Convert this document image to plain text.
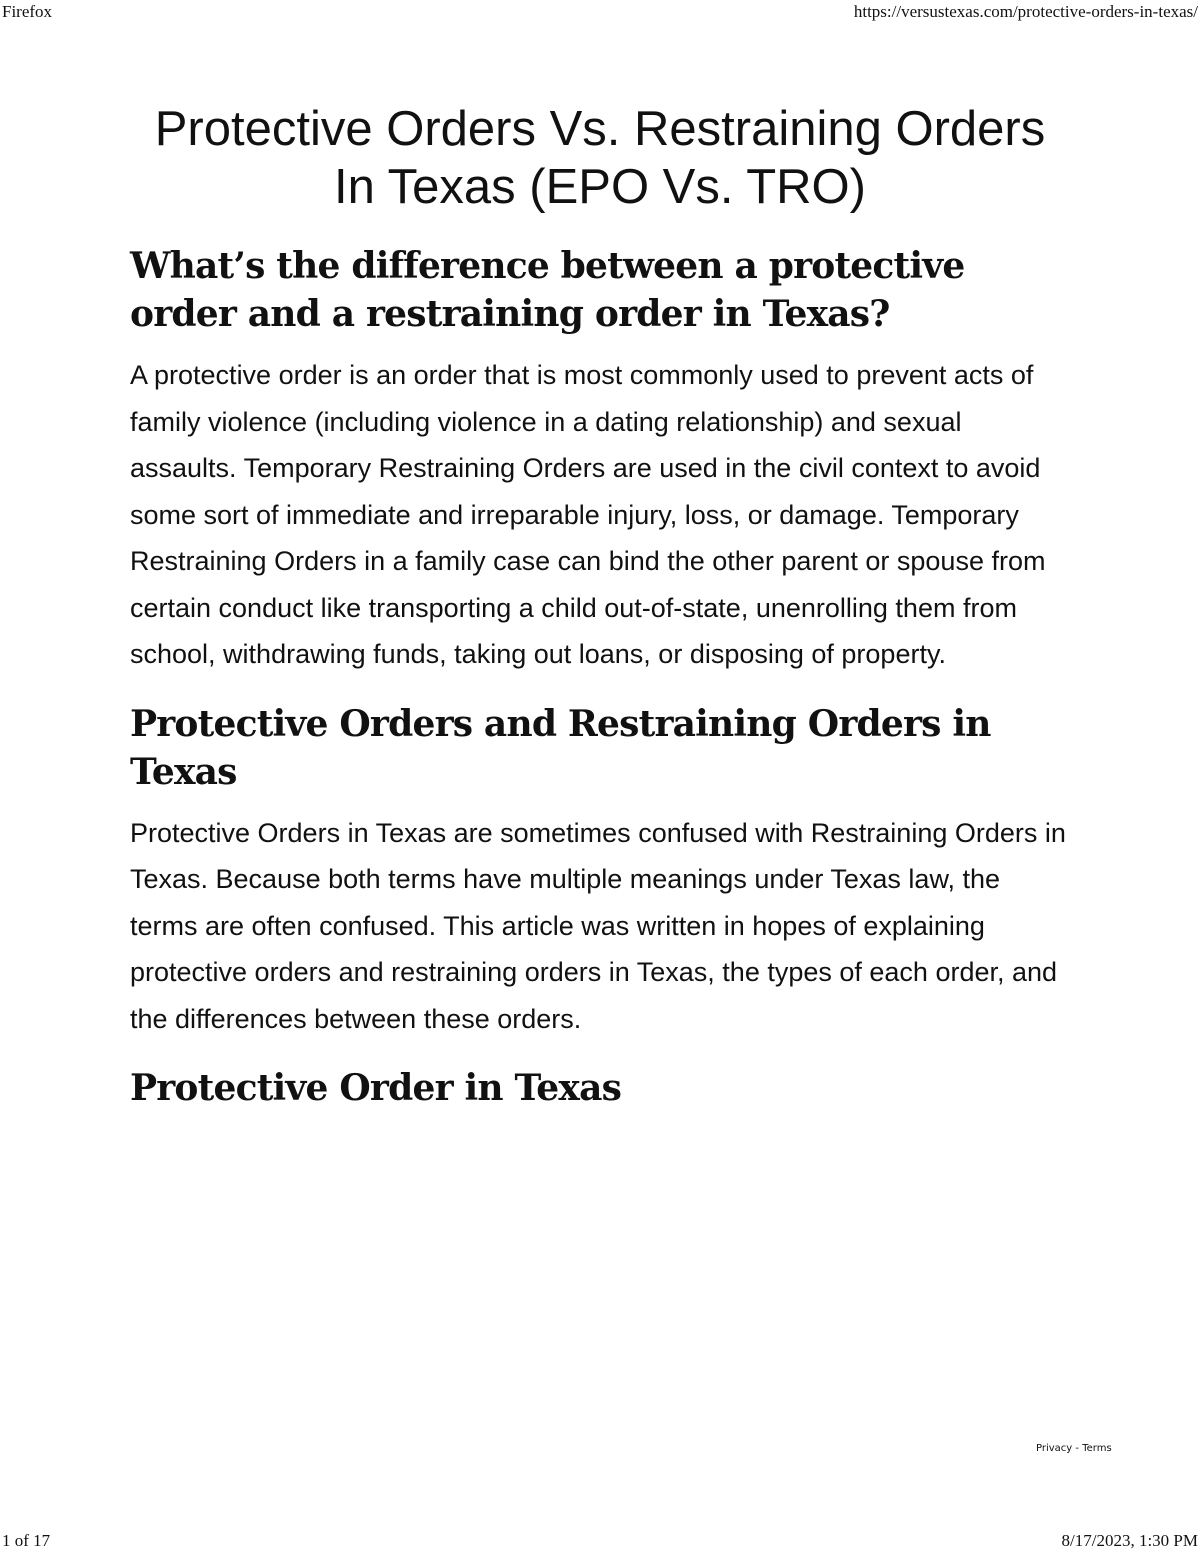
Firefox	https://versustexas.com/protective-orders-in-texas/
Protective Orders Vs. Restraining Orders In Texas (EPO Vs. TRO)
What’s the difference between a protective order and a restraining order in Texas?

A protective order is an order that is most commonly used to prevent acts of family violence (including violence in a dating relationship) and sexual assaults. Temporary Restraining Orders are used in the civil context to avoid some sort of immediate and irreparable injury, loss, or damage. Temporary Restraining Orders in a family case can bind the other parent or spouse from certain conduct like transporting a child out-of-state, unenrolling them from school, withdrawing funds, taking out loans, or disposing of property.

Protective Orders and Restraining Orders in Texas

Protective Orders in Texas are sometimes confused with Restraining Orders in Texas. Because both terms have multiple meanings under Texas law, the terms are often confused. This article was written in hopes of explaining protective orders and restraining orders in Texas, the types of each order, and the differences between these orders.

Protective Order in Texas
Privacy - Terms
1 of 17	8/17/2023, 1:30 PM
